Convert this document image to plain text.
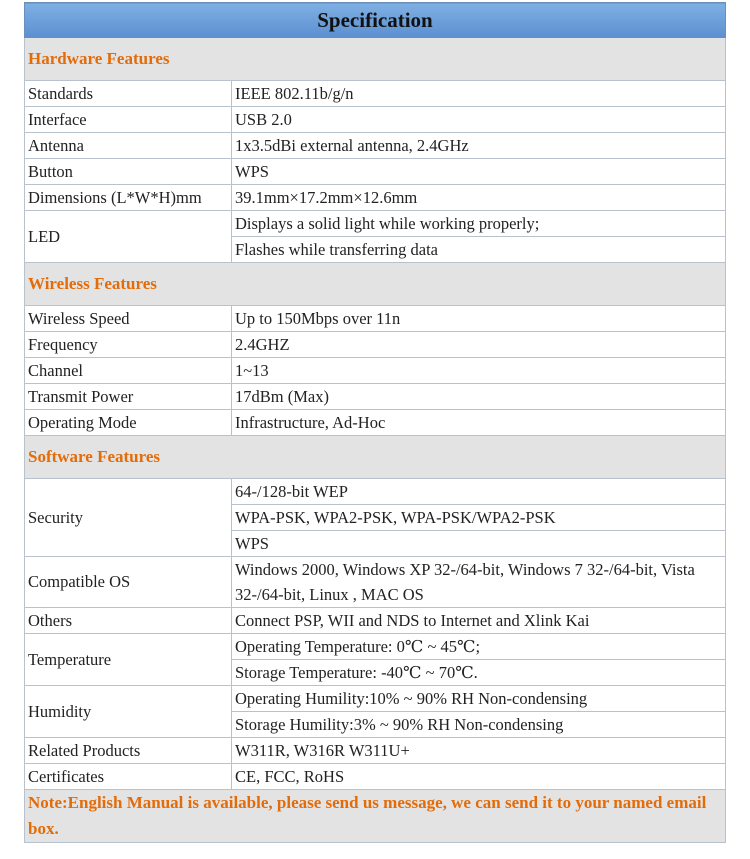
Specification	
Hardware Features	
Standards	IEEE 802.11b/g/n
Interface	USB 2.0
Antenna	1x3.5dBi external antenna, 2.4GHz
Button	WPS
Dimensions (L*W*H)mm	39.1mm×17.2mm×12.6mm
LED	Displays a solid light while working properly;
	Flashes while transferring data
Wireless Features	
Wireless Speed	Up to 150Mbps over 11n
Frequency	2.4GHZ
Channel	1~13
Transmit Power	17dBm (Max)
Operating Mode	Infrastructure, Ad-Hoc
Software Features	
Security	64-/128-bit WEP
	WPA-PSK, WPA2-PSK, WPA-PSK/WPA2-PSK
	WPS
Compatible OS	Windows 2000, Windows XP 32-/64-bit, Windows 7 32-/64-bit, Vista 32-/64-bit, Linux , MAC OS
Others	Connect PSP, WII and NDS to Internet and Xlink Kai
Temperature	Operating Temperature: 0℃ ~ 45℃;
	Storage Temperature: -40℃ ~ 70℃.
Humidity	Operating Humility:10% ~ 90% RH Non-condensing
	Storage Humility:3% ~ 90% RH Non-condensing
Related Products	W311R, W316R W311U+
Certificates	CE, FCC, RoHS
Note:English Manual is available, please send us message, we can send it to your named email box.	
